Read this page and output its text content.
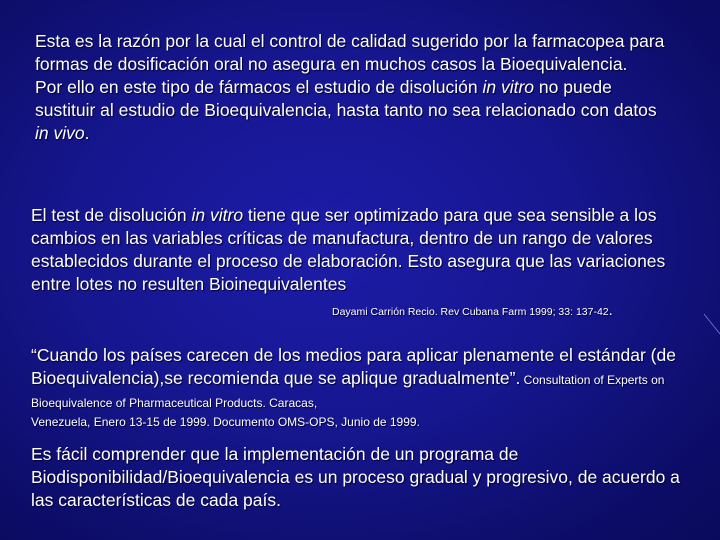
Esta es la razón por la cual el control de calidad sugerido por la farmacopea para formas de dosificación oral no asegura en muchos casos la Bioequivalencia.

Por ello en este tipo de fármacos el estudio de disolución in vitro no puede sustituir al estudio de Bioequivalencia, hasta tanto no sea relacionado con datos in vivo.

El test de disolución in vitro tiene que ser optimizado para que sea sensible a los cambios en las variables críticas de manufactura, dentro de un rango de valores establecidos durante el proceso de elaboración. Esto asegura que las variaciones entre lotes no resulten Bioinequivalentes

Dayami Carrión Recio. Rev Cubana Farm 1999; 33: 137-42.

“Cuando los países carecen de los medios para aplicar plenamente el estándar (de Bioequivalencia),se recomienda que se aplique gradualmente”. Consultation of Experts on Bioequivalence of Pharmaceutical Products. Caracas,

Venezuela, Enero 13-15 de 1999. Documento OMS-OPS, Junio de 1999.

Es fácil comprender que la implementación de un programa de Biodisponibilidad/Bioequivalencia es un proceso gradual y progresivo, de acuerdo a las características de cada país.
